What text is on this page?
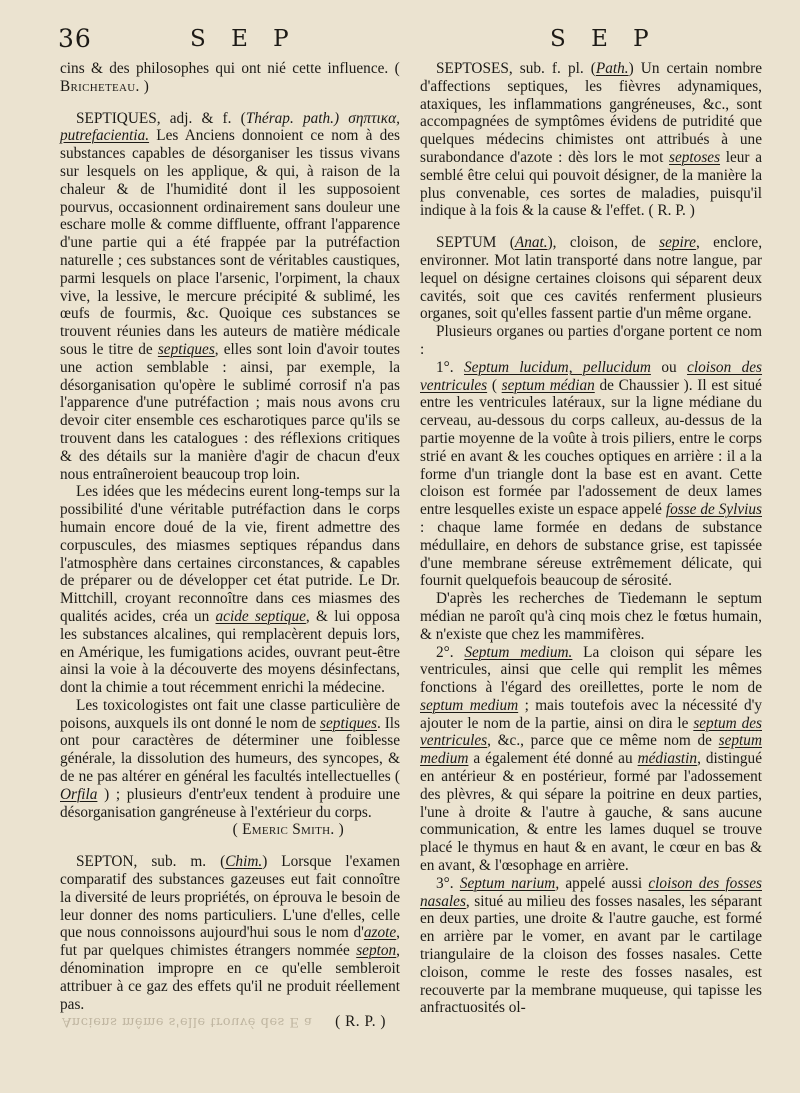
36	S E P	S E P

cins & des philosophes qui ont nié cette influence. ( Bricheteau. )

SEPTIQUES, adj. & f. (Thérap. path.) σηπτικα, putrefacientia. Les Anciens donnoient ce nom à des substances capables de désorganiser les tissus vivans sur lesquels on les applique, & qui, à raison de la chaleur & de l'humidité dont il les supposoient pourvus, occasionnent ordinairement sans douleur une eschare molle & comme diffluente, offrant l'apparence d'une partie qui a été frappée par la putréfaction naturelle ; ces substances sont de véritables caustiques, parmi lesquels on place l'arsenic, l'orpiment, la chaux vive, la lessive, le mercure précipité & sublimé, les œufs de fourmis, &c. Quoique ces substances se trouvent réunies dans les auteurs de matière médicale sous le titre de septiques, elles sont loin d'avoir toutes une action semblable : ainsi, par exemple, la désorganisation qu'opère le sublimé corrosif n'a pas l'apparence d'une putréfaction ; mais nous avons cru devoir citer ensemble ces escharotiques parce qu'ils se trouvent dans les catalogues : des réflexions critiques & des détails sur la manière d'agir de chacun d'eux nous entraîneroient beaucoup trop loin.

Les idées que les médecins eurent long-temps sur la possibilité d'une véritable putréfaction dans le corps humain encore doué de la vie, firent admettre des corpuscules, des miasmes septiques répandus dans l'atmosphère dans certaines circonstances, & capables de préparer ou de développer cet état putride. Le Dr. Mittchill, croyant reconnoître dans ces miasmes des qualités acides, créa un acide septique, & lui opposa les substances alcalines, qui remplacèrent depuis lors, en Amérique, les fumigations acides, ouvrant peut-être ainsi la voie à la découverte des moyens désinfectans, dont la chimie a tout récemment enrichi la médecine.

Les toxicologistes ont fait une classe particulière de poisons, auxquels ils ont donné le nom de septiques. Ils ont pour caractères de déterminer une foiblesse générale, la dissolution des humeurs, des syncopes, & de ne pas altérer en général les facultés intellectuelles ( Orfila ) ; plusieurs d'entr'eux tendent à produire une désorganisation gangréneuse à l'extérieur du corps.

( Emeric Smith. )

SEPTON, sub. m. (Chim.) Lorsque l'examen comparatif des substances gazeuses eut fait connoître la diversité de leurs propriétés, on éprouva le besoin de leur donner des noms particuliers. L'une d'elles, celle que nous connoissons aujourd'hui sous le nom d'azote, fut par quelques chimistes étrangers nommée septon, dénomination impropre en ce qu'elle sembleroit attribuer à ce gaz des effets qu'il ne produit réellement pas.

( R. P. )

Anciens même s'elle trouvé des E a

SEPTOSES, sub. f. pl. (Path.) Un certain nombre d'affections septiques, les fièvres adynamiques, ataxiques, les inflammations gangréneuses, &c., sont accompagnées de symptômes évidens de putridité que quelques médecins chimistes ont attribués à une surabondance d'azote : dès lors le mot septoses leur a semblé être celui qui pouvoit désigner, de la manière la plus convenable, ces sortes de maladies, puisqu'il indique à la fois & la cause & l'effet. ( R. P. )

SEPTUM (Anat.), cloison, de sepire, enclore, environner. Mot latin transporté dans notre langue, par lequel on désigne certaines cloisons qui séparent deux cavités, soit que ces cavités renferment plusieurs organes, soit qu'elles fassent partie d'un même organe.

Plusieurs organes ou parties d'organe portent ce nom :

1°. Septum lucidum, pellucidum ou cloison des ventricules ( septum médian de Chaussier ). Il est situé entre les ventricules latéraux, sur la ligne médiane du cerveau, au-dessous du corps calleux, au-dessus de la partie moyenne de la voûte à trois piliers, entre le corps strié en avant & les couches optiques en arrière : il a la forme d'un triangle dont la base est en avant. Cette cloison est formée par l'adossement de deux lames entre lesquelles existe un espace appelé fosse de Sylvius : chaque lame formée en dedans de substance médullaire, en dehors de substance grise, est tapissée d'une membrane séreuse extrêmement délicate, qui fournit quelquefois beaucoup de sérosité.

D'après les recherches de Tiedemann le septum médian ne paroît qu'à cinq mois chez le fœtus humain, & n'existe que chez les mammifères.

2°. Septum medium. La cloison qui sépare les ventricules, ainsi que celle qui remplit les mêmes fonctions à l'égard des oreillettes, porte le nom de septum medium ; mais toutefois avec la nécessité d'y ajouter le nom de la partie, ainsi on dira le septum des ventricules, &c., parce que ce même nom de septum medium a également été donné au médiastin, distingué en antérieur & en postérieur, formé par l'adossement des plèvres, & qui sépare la poitrine en deux parties, l'une à droite & l'autre à gauche, & sans aucune communication, & entre les lames duquel se trouve placé le thymus en haut & en avant, le cœur en bas & en avant, & l'œsophage en arrière.

3°. Septum narium, appelé aussi cloison des fosses nasales, situé au milieu des fosses nasales, les séparant en deux parties, une droite & l'autre gauche, est formé en arrière par le vomer, en avant par le cartilage triangulaire de la cloison des fosses nasales. Cette cloison, comme le reste des fosses nasales, est recouverte par la membrane muqueuse, qui tapisse les anfractuosités ol-
